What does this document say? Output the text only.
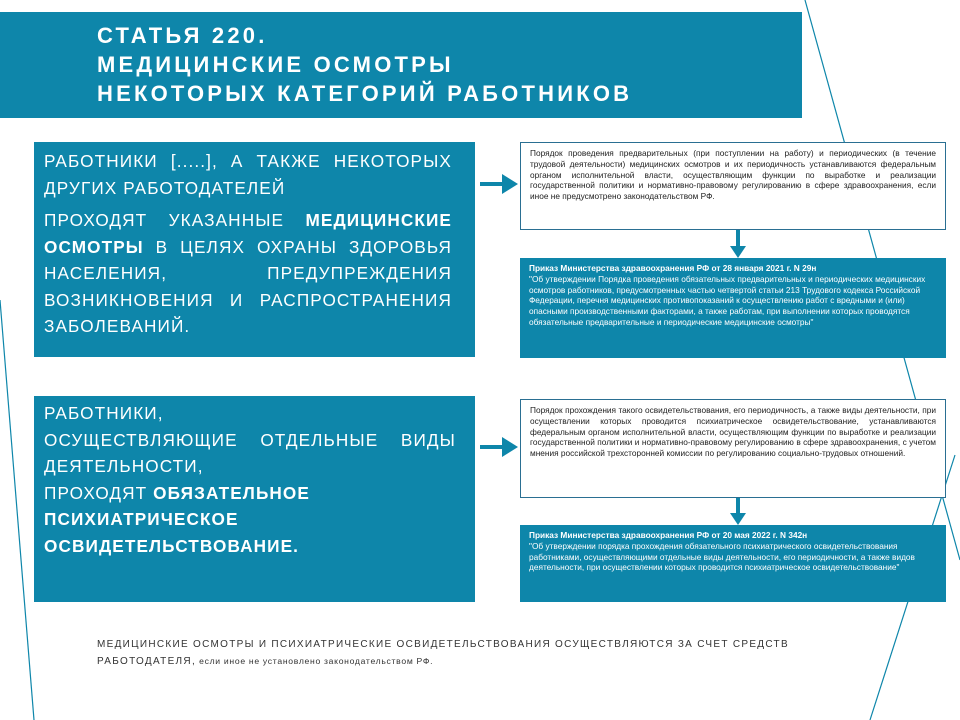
СТАТЬЯ 220.
МЕДИЦИНСКИЕ ОСМОТРЫ
НЕКОТОРЫХ КАТЕГОРИЙ РАБОТНИКОВ
РАБОТНИКИ [.....], А ТАКЖЕ НЕКОТОРЫХ ДРУГИХ РАБОТОДАТЕЛЕЙ
ПРОХОДЯТ УКАЗАННЫЕ МЕДИЦИНСКИЕ ОСМОТРЫ В ЦЕЛЯХ ОХРАНЫ ЗДОРОВЬЯ НАСЕЛЕНИЯ, ПРЕДУПРЕЖДЕНИЯ ВОЗНИКНОВЕНИЯ И РАСПРОСТРАНЕНИЯ ЗАБОЛЕВАНИЙ.
РАБОТНИКИ,
ОСУЩЕСТВЛЯЮЩИЕ ОТДЕЛЬНЫЕ ВИДЫ ДЕЯТЕЛЬНОСТИ,
ПРОХОДЯТ ОБЯЗАТЕЛЬНОЕ ПСИХИАТРИЧЕСКОЕ ОСВИДЕТЕЛЬСТВОВАНИЕ.
Порядок проведения предварительных (при поступлении на работу) и периодических (в течение трудовой деятельности) медицинских осмотров и их периодичность устанавливаются федеральным органом исполнительной власти, осуществляющим функции по выработке и реализации государственной политики и нормативно-правовому регулированию в сфере здравоохранения, если иное не предусмотрено законодательством РФ.
Приказ Министерства здравоохранения РФ от 28 января 2021 г. N 29н
"Об утверждении Порядка проведения обязательных предварительных и периодических медицинских осмотров работников, предусмотренных частью четвертой статьи 213 Трудового кодекса Российской Федерации, перечня медицинских противопоказаний к осуществлению работ с вредными и (или) опасными производственными факторами, а также работам, при выполнении которых проводятся обязательные предварительные и периодические медицинские осмотры"
Порядок прохождения такого освидетельствования, его периодичность, а также виды деятельности, при осуществлении которых проводится психиатрическое освидетельствование, устанавливаются федеральным органом исполнительной власти, осуществляющим функции по выработке и реализации государственной политики и нормативно-правовому регулированию в сфере здравоохранения, с учетом мнения российской трехсторонней комиссии по регулированию социально-трудовых отношений.
Приказ Министерства здравоохранения РФ от 20 мая 2022 г. N 342н
"Об утверждении порядка прохождения обязательного психиатрического освидетельствования работниками, осуществляющими отдельные виды деятельности, его периодичности, а также видов деятельности, при осуществлении которых проводится психиатрическое освидетельствование"
МЕДИЦИНСКИЕ ОСМОТРЫ И ПСИХИАТРИЧЕСКИЕ ОСВИДЕТЕЛЬСТВОВАНИЯ ОСУЩЕСТВЛЯЮТСЯ ЗА СЧЕТ СРЕДСТВ РАБОТОДАТЕЛЯ, если иное не установлено законодательством РФ.
